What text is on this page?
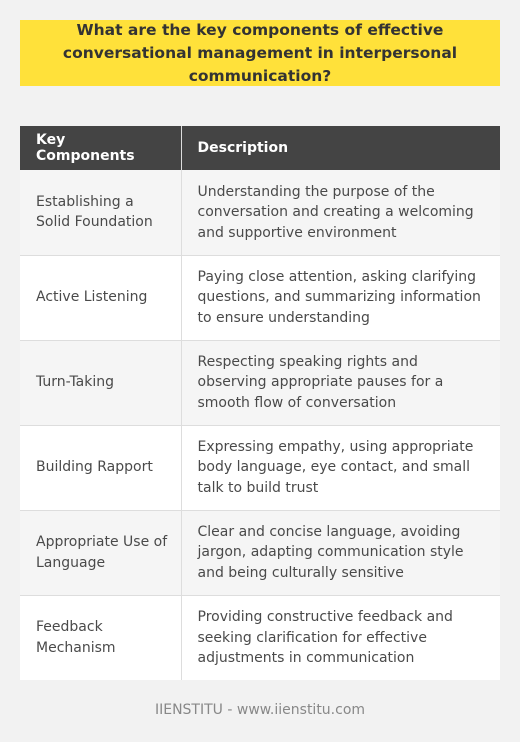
What are the key components of effective conversational management in interpersonal communication?
Key Components	Description
Establishing a Solid Foundation	Understanding the purpose of the conversation and creating a welcoming and supportive environment
Active Listening	Paying close attention, asking clarifying questions, and summarizing information to ensure understanding
Turn-Taking	Respecting speaking rights and observing appropriate pauses for a smooth flow of conversation
Building Rapport	Expressing empathy, using appropriate body language, eye contact, and small talk to build trust
Appropriate Use of Language	Clear and concise language, avoiding jargon, adapting communication style and being culturally sensitive
Feedback Mechanism	Providing constructive feedback and seeking clarification for effective adjustments in communication
IIENSTITU - www.iienstitu.com
